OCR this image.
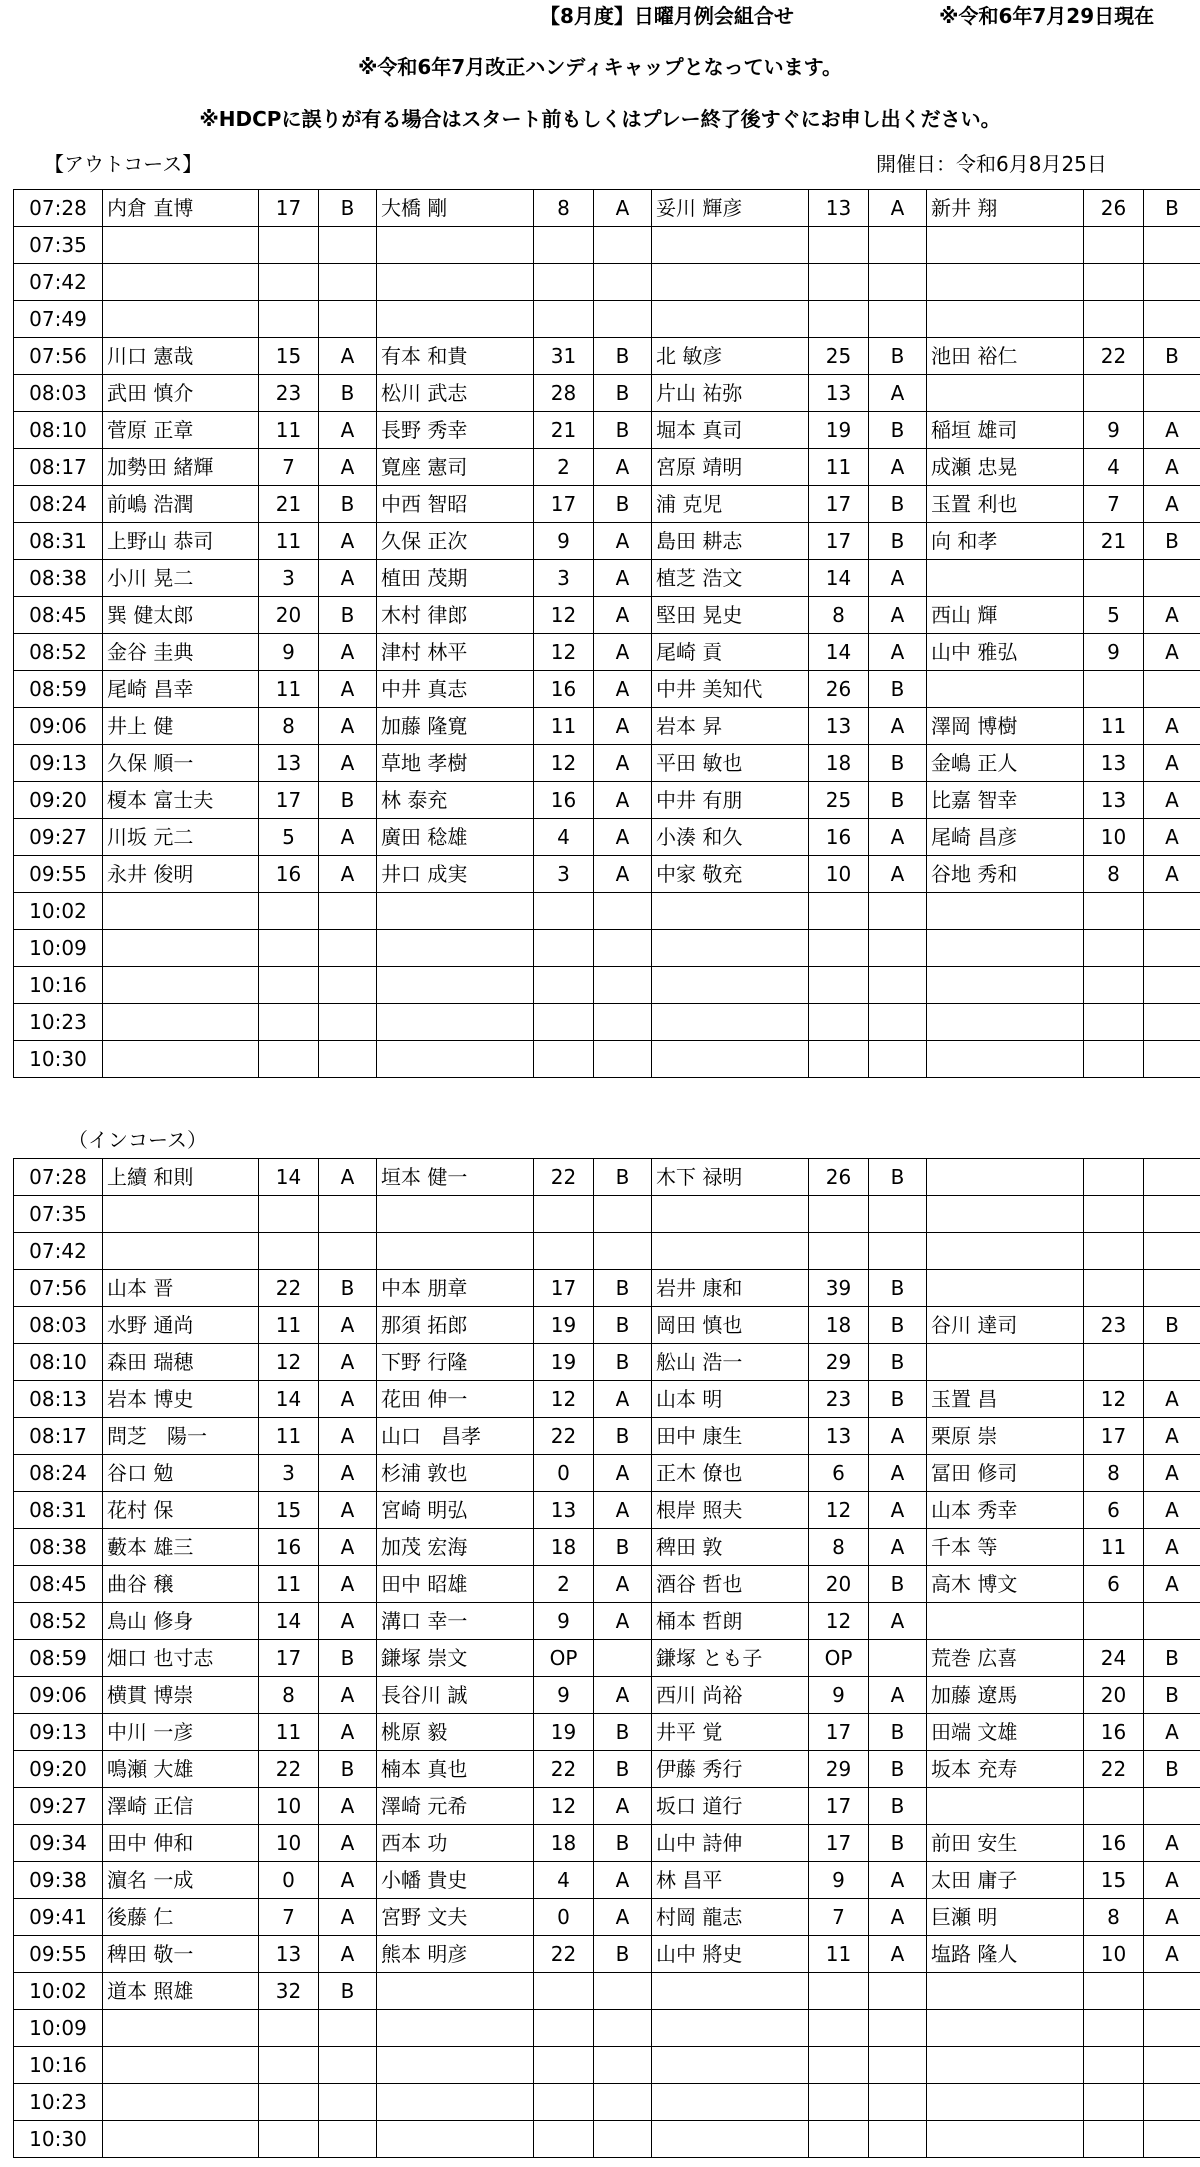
【8月度】日曜月例会組合せ	※令和6年7月29日現在
※令和6年7月改正ハンディキャップとなっています。
※HDCPに誤りが有る場合はスタート前もしくはプレー終了後すぐにお申し出ください。
【アウトコース】	開催日：令和6月8月25日
07:28	内倉 直博	17	B	大橋 剛	8	A	妥川 輝彦	13	A	新井 翔	26	B
07:35												
07:42												
07:49												
07:56	川口 憲哉	15	A	有本 和貴	31	B	北 敏彦	25	B	池田 裕仁	22	B
08:03	武田 慎介	23	B	松川 武志	28	B	片山 祐弥	13	A			
08:10	菅原 正章	11	A	長野 秀幸	21	B	堀本 真司	19	B	稲垣 雄司	9	A
08:17	加勢田 緒輝	7	A	寛座 憲司	2	A	宮原 靖明	11	A	成瀬 忠晃	4	A
08:24	前嶋 浩潤	21	B	中西 智昭	17	B	浦 克児	17	B	玉置 利也	7	A
08:31	上野山 恭司	11	A	久保 正次	9	A	島田 耕志	17	B	向 和孝	21	B
08:38	小川 晃二	3	A	植田 茂期	3	A	植芝 浩文	14	A			
08:45	巽 健太郎	20	B	木村 律郎	12	A	堅田 晃史	8	A	西山 輝	5	A
08:52	金谷 圭典	9	A	津村 林平	12	A	尾崎 貢	14	A	山中 雅弘	9	A
08:59	尾崎 昌幸	11	A	中井 真志	16	A	中井 美知代	26	B			
09:06	井上 健	8	A	加藤 隆寛	11	A	岩本 昇	13	A	澤岡 博樹	11	A
09:13	久保 順一	13	A	草地 孝樹	12	A	平田 敏也	18	B	金嶋 正人	13	A
09:20	榎本 富士夫	17	B	林 泰充	16	A	中井 有朋	25	B	比嘉 智幸	13	A
09:27	川坂 元二	5	A	廣田 稔雄	4	A	小湊 和久	16	A	尾崎 昌彦	10	A
09:55	永井 俊明	16	A	井口 成実	3	A	中家 敬充	10	A	谷地 秀和	8	A
10:02												
10:09												
10:16												
10:23												
10:30												
（インコース）
07:28	上續 和則	14	A	垣本 健一	22	B	木下 禄明	26	B			
07:35												
07:42												
07:56	山本 晋	22	B	中本 朋章	17	B	岩井 康和	39	B			
08:03	水野 通尚	11	A	那須 拓郎	19	B	岡田 慎也	18	B	谷川 達司	23	B
08:10	森田 瑞穂	12	A	下野 行隆	19	B	舩山 浩一	29	B			
08:13	岩本 博史	14	A	花田 伸一	12	A	山本 明	23	B	玉置 昌	12	A
08:17	問芝　陽一	11	A	山口　昌孝	22	B	田中 康生	13	A	栗原 崇	17	A
08:24	谷口 勉	3	A	杉浦 敦也	0	A	正木 僚也	6	A	冨田 修司	8	A
08:31	花村 保	15	A	宮崎 明弘	13	A	根岸 照夫	12	A	山本 秀幸	6	A
08:38	藪本 雄三	16	A	加茂 宏海	18	B	稗田 敦	8	A	千本 等	11	A
08:45	曲谷 穣	11	A	田中 昭雄	2	A	酒谷 哲也	20	B	高木 博文	6	A
08:52	鳥山 修身	14	A	溝口 幸一	9	A	桶本 哲朗	12	A			
08:59	畑口 也寸志	17	B	鎌塚 崇文	OP		鎌塚 とも子	OP		荒巻 広喜	24	B
09:06	横貫 博崇	8	A	長谷川 誠	9	A	西川 尚裕	9	A	加藤 遼馬	20	B
09:13	中川 一彦	11	A	桃原 毅	19	B	井平 覚	17	B	田端 文雄	16	A
09:20	鳴瀬 大雄	22	B	楠本 真也	22	B	伊藤 秀行	29	B	坂本 充寿	22	B
09:27	澤崎 正信	10	A	澤崎 元希	12	A	坂口 道行	17	B			
09:34	田中 伸和	10	A	西本 功	18	B	山中 詩伸	17	B	前田 安生	16	A
09:38	濵名 一成	0	A	小幡 貴史	4	A	林 昌平	9	A	太田 庸子	15	A
09:41	後藤 仁	7	A	宮野 文夫	0	A	村岡 龍志	7	A	巨瀬 明	8	A
09:55	稗田 敬一	13	A	熊本 明彦	22	B	山中 將史	11	A	塩路 隆人	10	A
10:02	道本 照雄	32	B									
10:09												
10:16												
10:23												
10:30												
